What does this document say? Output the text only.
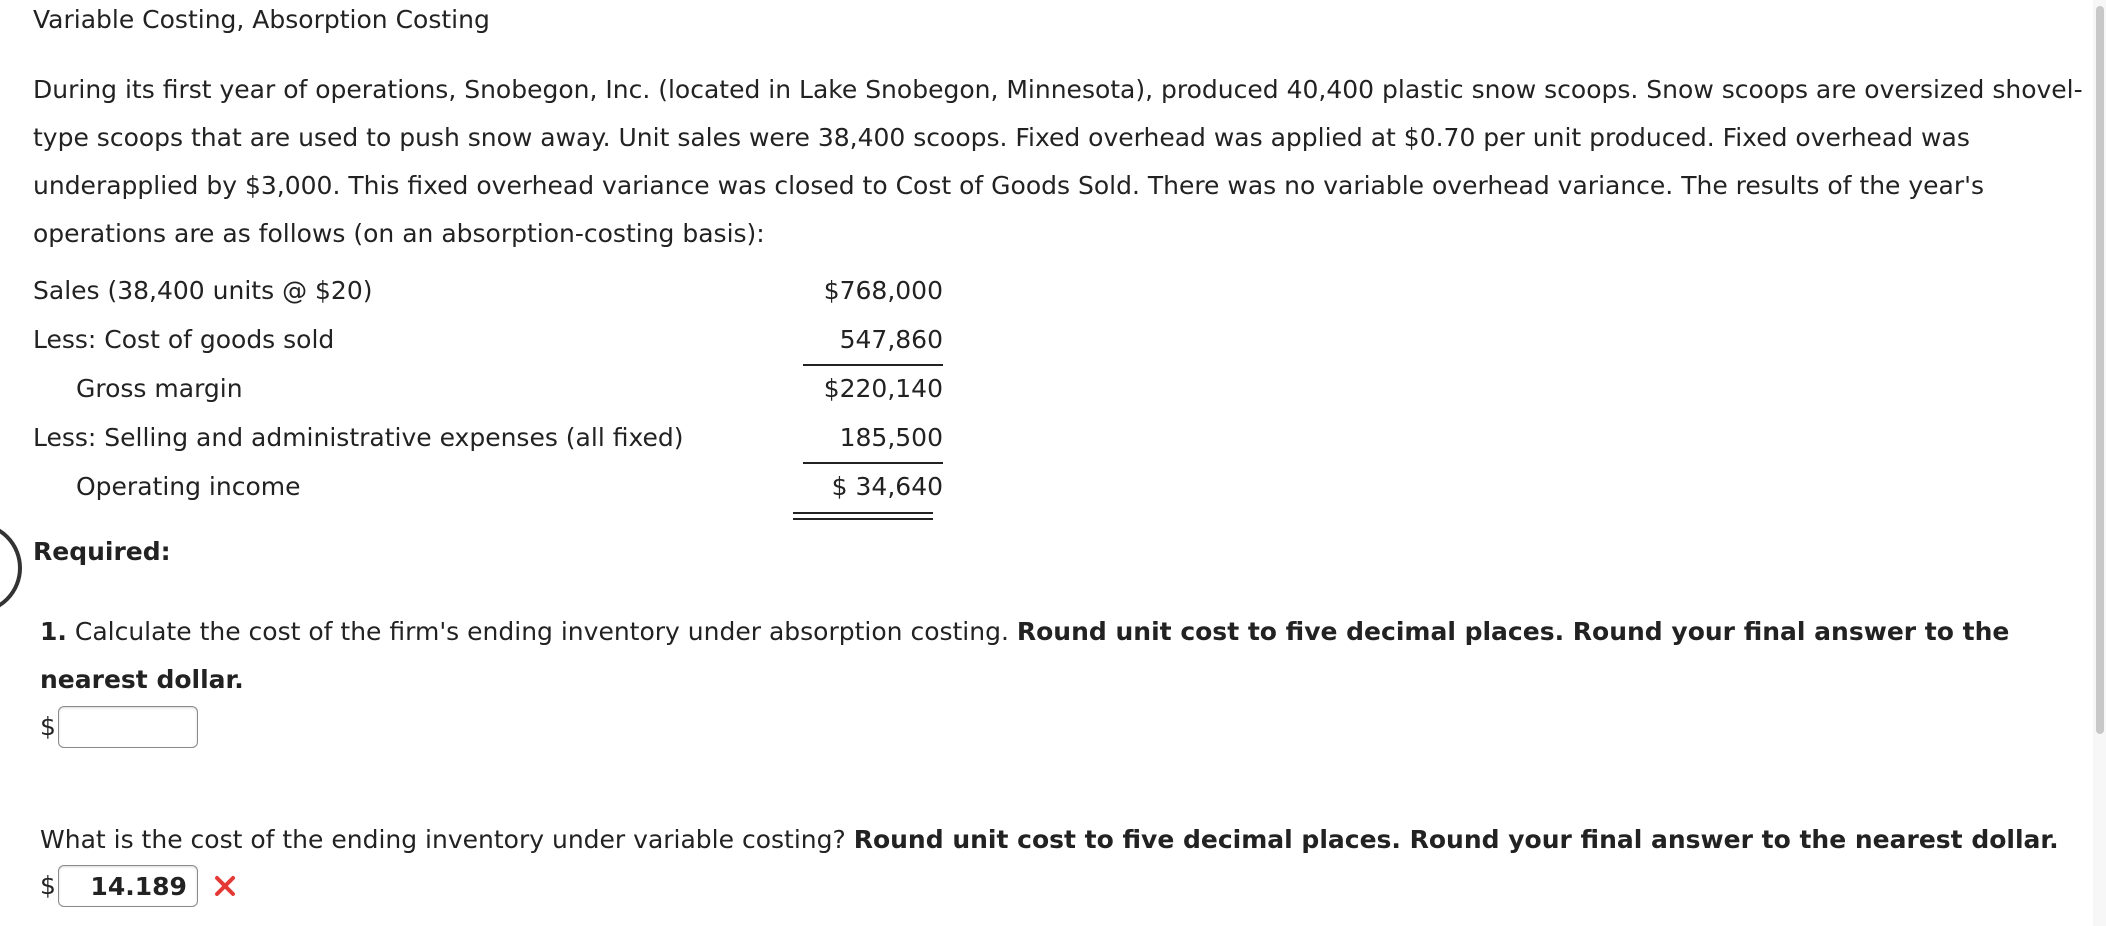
Variable Costing, Absorption Costing
During its first year of operations, Snobegon, Inc. (located in Lake Snobegon, Minnesota), produced 40,400 plastic snow scoops. Snow scoops are oversized shovel-type scoops that are used to push snow away. Unit sales were 38,400 scoops. Fixed overhead was applied at $0.70 per unit produced. Fixed overhead was underapplied by $3,000. This fixed overhead variance was closed to Cost of Goods Sold. There was no variable overhead variance. The results of the year's operations are as follows (on an absorption-costing basis):
Sales (38,400 units @ $20)	$768,000
Less: Cost of goods sold	547,860
Gross margin	$220,140
Less: Selling and administrative expenses (all fixed)	185,500
Operating income	$ 34,640
Required:
1. Calculate the cost of the firm's ending inventory under absorption costing. Round unit cost to five decimal places. Round your final answer to the nearest dollar.
$
What is the cost of the ending inventory under variable costing? Round unit cost to five decimal places. Round your final answer to the nearest dollar.
$
14.189
